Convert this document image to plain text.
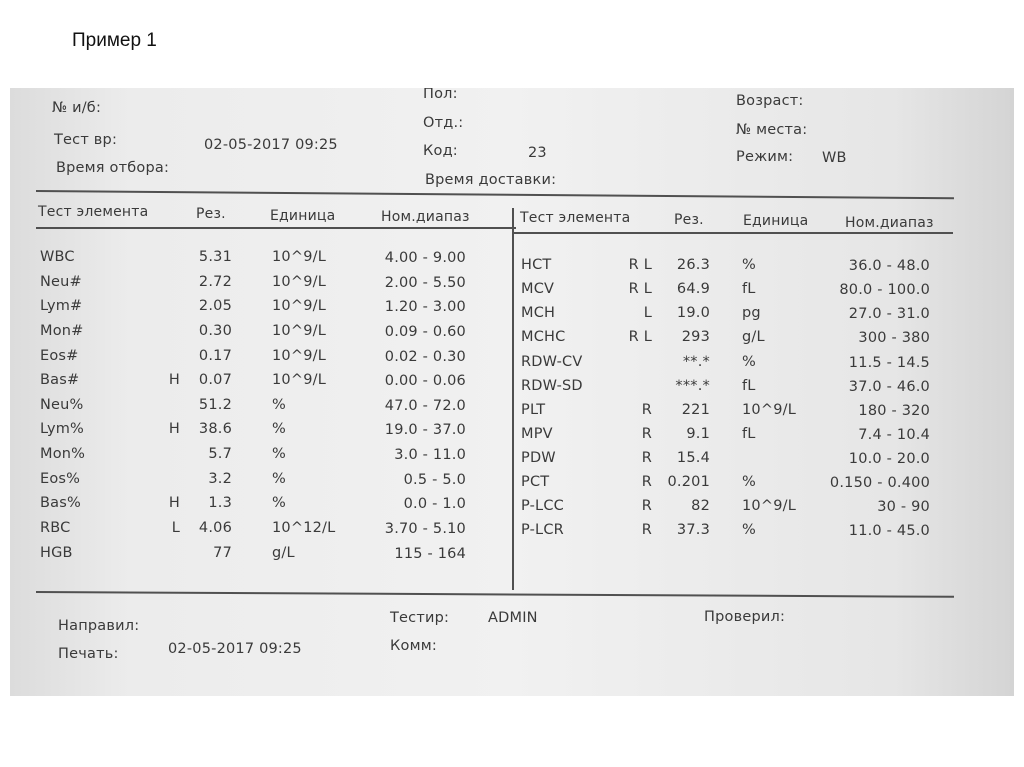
Пример 1
№ и/б:
Тест вр:	02-05-2017 09:25
Время отбора:
Пол:
Отд.:
Код:	23
Время доставки:
Возраст:
№ места:
Режим: WB
Тест элемента	Рез.	Единица	Ном.диапаз	Тест элемента	Рез.	Единица	Ном.диапаз
WBC	5.31	10^9/L	4.00 - 9.00
Neu#	2.72	10^9/L	2.00 - 5.50
Lym#	2.05	10^9/L	1.20 - 3.00
Mon#	0.30	10^9/L	0.09 - 0.60
Eos#	0.17	10^9/L	0.02 - 0.30
Bas#	H	0.07	10^9/L	0.00 - 0.06
Neu%	51.2	%	47.0 - 72.0
Lym%	H	38.6	%	19.0 - 37.0
Mon%	5.7	%	3.0 - 11.0
Eos%	3.2	%	0.5 - 5.0
Bas%	H	1.3	%	0.0 - 1.0
RBC	L	4.06	10^12/L	3.70 - 5.10
HGB	77	g/L	115 - 164
HCT	R L	26.3 %	36.0 - 48.0
MCV	R L	64.9 fL	80.0 - 100.0
MCH	L	19.0 pg	27.0 - 31.0
MCHC	R L	293 g/L	300 - 380
RDW-CV	**.* %	11.5 - 14.5
RDW-SD	***.* fL	37.0 - 46.0
PLT	R	221 10^9/L	180 - 320
MPV	R	9.1 fL	7.4 - 10.4
PDW	R	15.4	10.0 - 20.0
PCT	R	0.201 %	0.150 - 0.400
P-LCC	R	82 10^9/L	30 - 90
P-LCR	R	37.3 %	11.0 - 45.0
Направил:
Печать:	02-05-2017 09:25
Тестир:	ADMIN
Комм:
Проверил:
